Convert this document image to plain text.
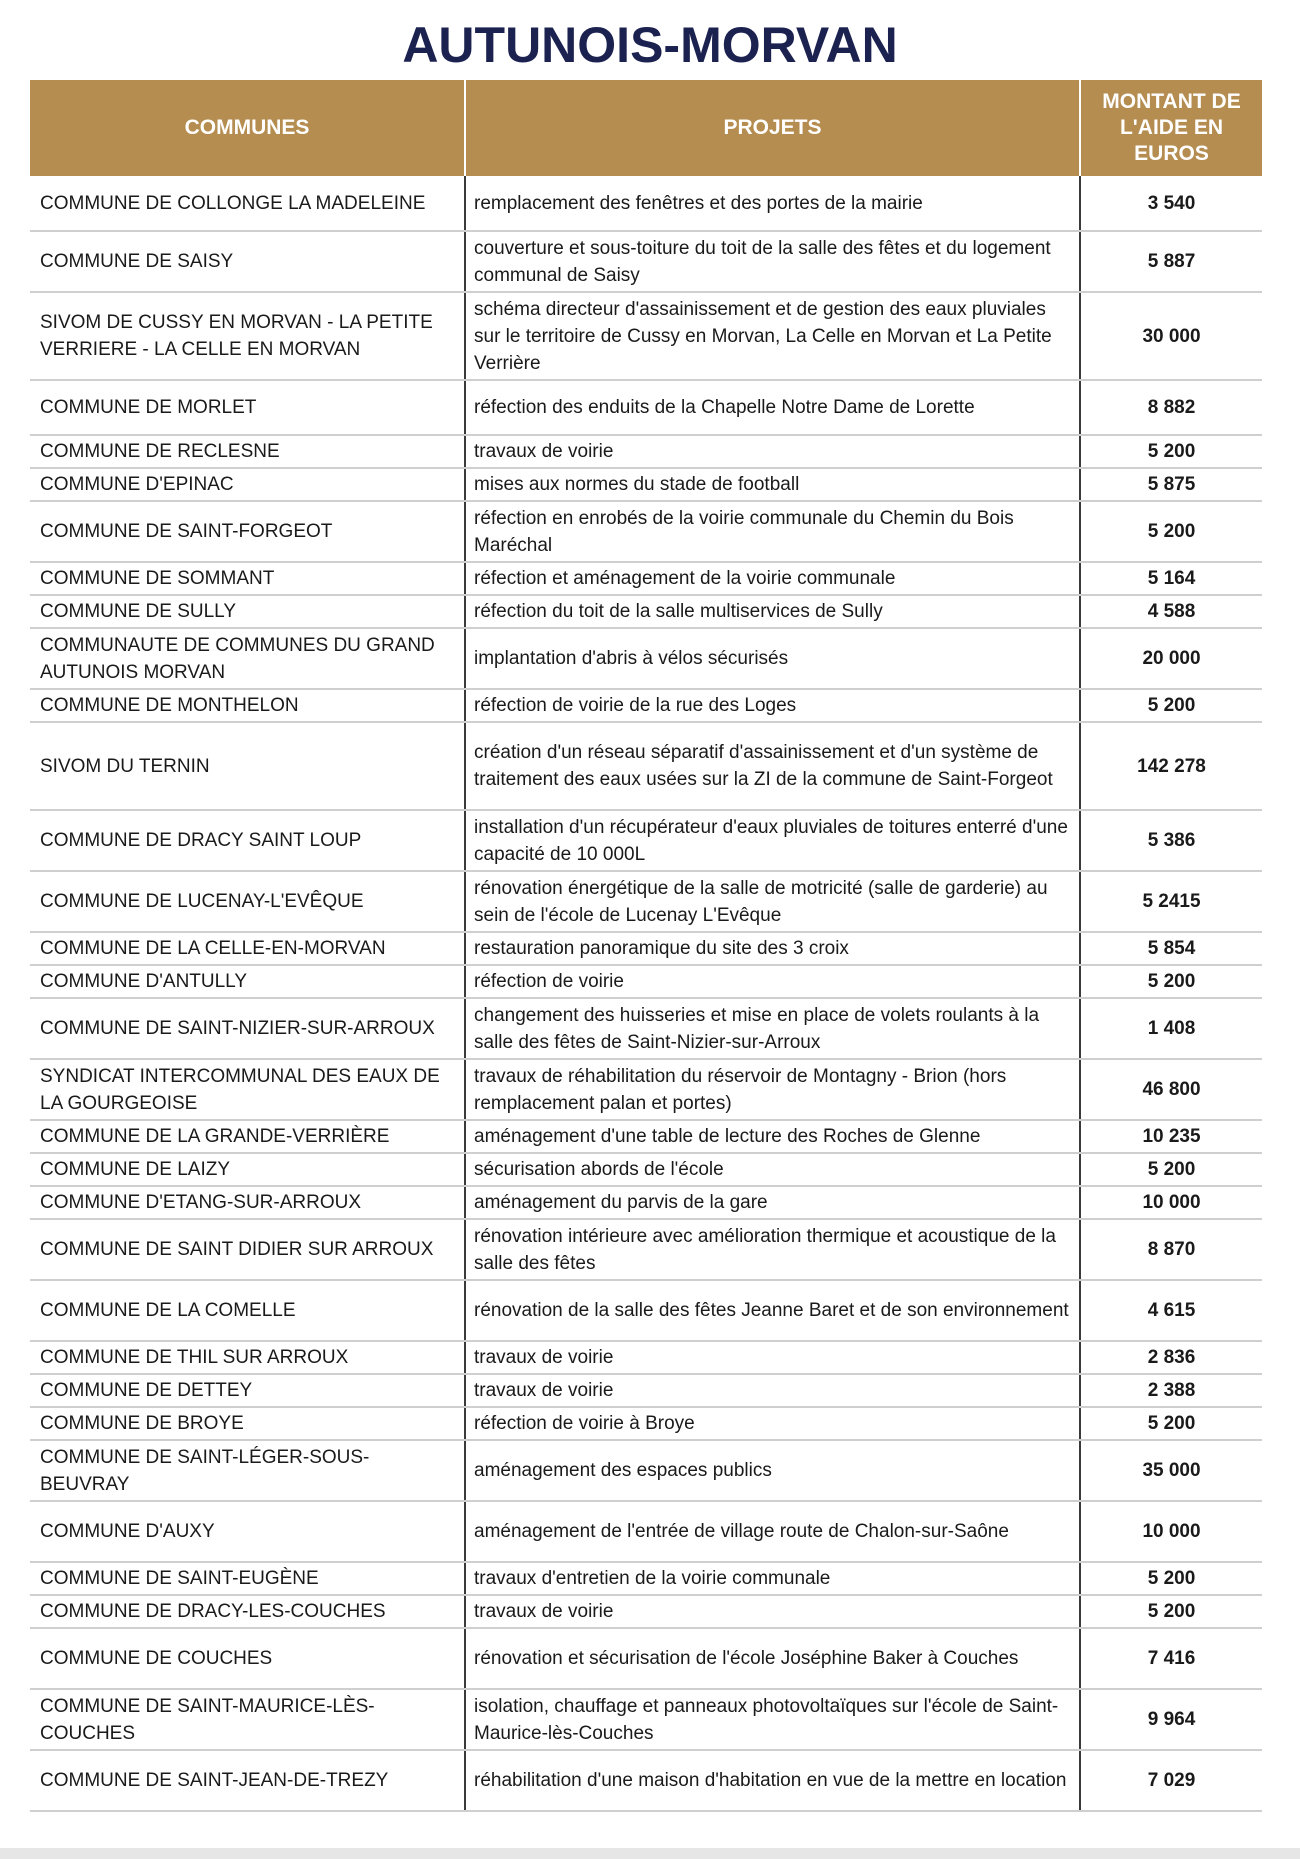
AUTUNOIS-MORVAN
COMMUNES	PROJETS	MONTANT DE L'AIDE EN EUROS
COMMUNE DE COLLONGE LA MADELEINE	remplacement des fenêtres et des portes de la mairie	3 540
COMMUNE DE SAISY	couverture et sous-toiture du toit de la salle des fêtes et du logement communal de Saisy	5 887
SIVOM DE CUSSY EN MORVAN - LA PETITE VERRIERE - LA CELLE EN MORVAN	schéma directeur d'assainissement et de gestion des eaux pluviales sur le territoire de Cussy en Morvan, La Celle en Morvan et La Petite Verrière	30 000
COMMUNE DE MORLET	réfection des enduits de la Chapelle Notre Dame de Lorette	8 882
COMMUNE DE RECLESNE	travaux de voirie	5 200
COMMUNE D'EPINAC	mises aux normes du stade de football	5 875
COMMUNE DE SAINT-FORGEOT	réfection en enrobés de la voirie communale du Chemin du Bois Maréchal	5 200
COMMUNE DE SOMMANT	réfection et aménagement de la voirie communale	5 164
COMMUNE DE SULLY	réfection du toit de la salle multiservices de Sully	4 588
COMMUNAUTE DE COMMUNES DU GRAND AUTUNOIS MORVAN	implantation d'abris à vélos sécurisés	20 000
COMMUNE DE MONTHELON	réfection de voirie de la rue des Loges	5 200
SIVOM DU TERNIN	création d'un réseau séparatif d'assainissement et d'un système de traitement des eaux usées sur la ZI de la commune de Saint-Forgeot	142 278
COMMUNE DE DRACY SAINT LOUP	installation d'un récupérateur d'eaux pluviales de toitures enterré d'une capacité de 10 000L	5 386
COMMUNE DE LUCENAY-L'EVÊQUE	rénovation énergétique de la salle de motricité (salle de garderie) au sein de l'école de Lucenay L'Evêque	5 2415
COMMUNE DE LA CELLE-EN-MORVAN	restauration panoramique du site des 3 croix	5 854
COMMUNE D'ANTULLY	réfection de voirie	5 200
COMMUNE DE SAINT-NIZIER-SUR-ARROUX	changement des huisseries et mise en place de volets roulants à la salle des fêtes de Saint-Nizier-sur-Arroux	1 408
SYNDICAT INTERCOMMUNAL DES EAUX DE LA GOURGEOISE	travaux de réhabilitation du réservoir de Montagny - Brion (hors remplacement palan et portes)	46 800
COMMUNE DE LA GRANDE-VERRIÈRE	aménagement d'une table de lecture des Roches de Glenne	10 235
COMMUNE DE LAIZY	sécurisation abords de l'école	5 200
COMMUNE D'ETANG-SUR-ARROUX	aménagement du parvis de la gare	10 000
COMMUNE DE SAINT DIDIER SUR ARROUX	rénovation intérieure avec amélioration thermique et acoustique de la salle des fêtes	8 870
COMMUNE DE LA COMELLE	rénovation de la salle des fêtes Jeanne Baret et de son environnement	4 615
COMMUNE DE THIL SUR ARROUX	travaux de voirie	2 836
COMMUNE DE DETTEY	travaux de voirie	2 388
COMMUNE DE BROYE	réfection de voirie à Broye	5 200
COMMUNE DE SAINT-LÉGER-SOUS-BEUVRAY	aménagement des espaces publics	35 000
COMMUNE D'AUXY	aménagement de l'entrée de village route de Chalon-sur-Saône	10 000
COMMUNE DE SAINT-EUGÈNE	travaux d'entretien de la voirie communale	5 200
COMMUNE DE DRACY-LES-COUCHES	travaux de voirie	5 200
COMMUNE DE COUCHES	rénovation et sécurisation de l'école Joséphine Baker à Couches	7 416
COMMUNE DE SAINT-MAURICE-LÈS-COUCHES	isolation, chauffage et panneaux photovoltaïques sur l'école de Saint-Maurice-lès-Couches	9 964
COMMUNE DE SAINT-JEAN-DE-TREZY	réhabilitation d'une maison d'habitation en vue de la mettre en location	7 029
